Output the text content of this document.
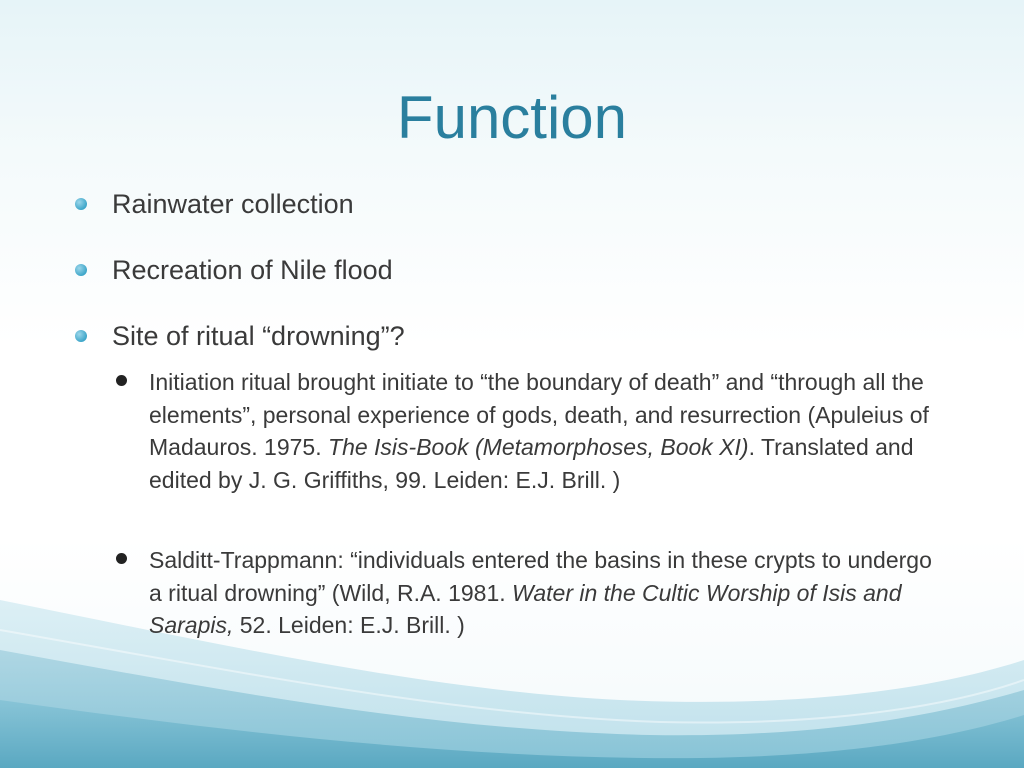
Function
Rainwater collection
Recreation of Nile flood
Site of ritual “drowning”?
Initiation ritual brought initiate to “the boundary of death” and “through all the elements”, personal experience of gods, death, and resurrection (Apuleius of Madauros. 1975. The Isis-Book (Metamorphoses, Book XI). Translated and edited by J. G. Griffiths, 99. Leiden: E.J. Brill. )
Salditt-Trappmann: “individuals entered the basins in these crypts to undergo a ritual drowning” (Wild, R.A. 1981. Water in the Cultic Worship of Isis and Sarapis, 52. Leiden: E.J. Brill. )
